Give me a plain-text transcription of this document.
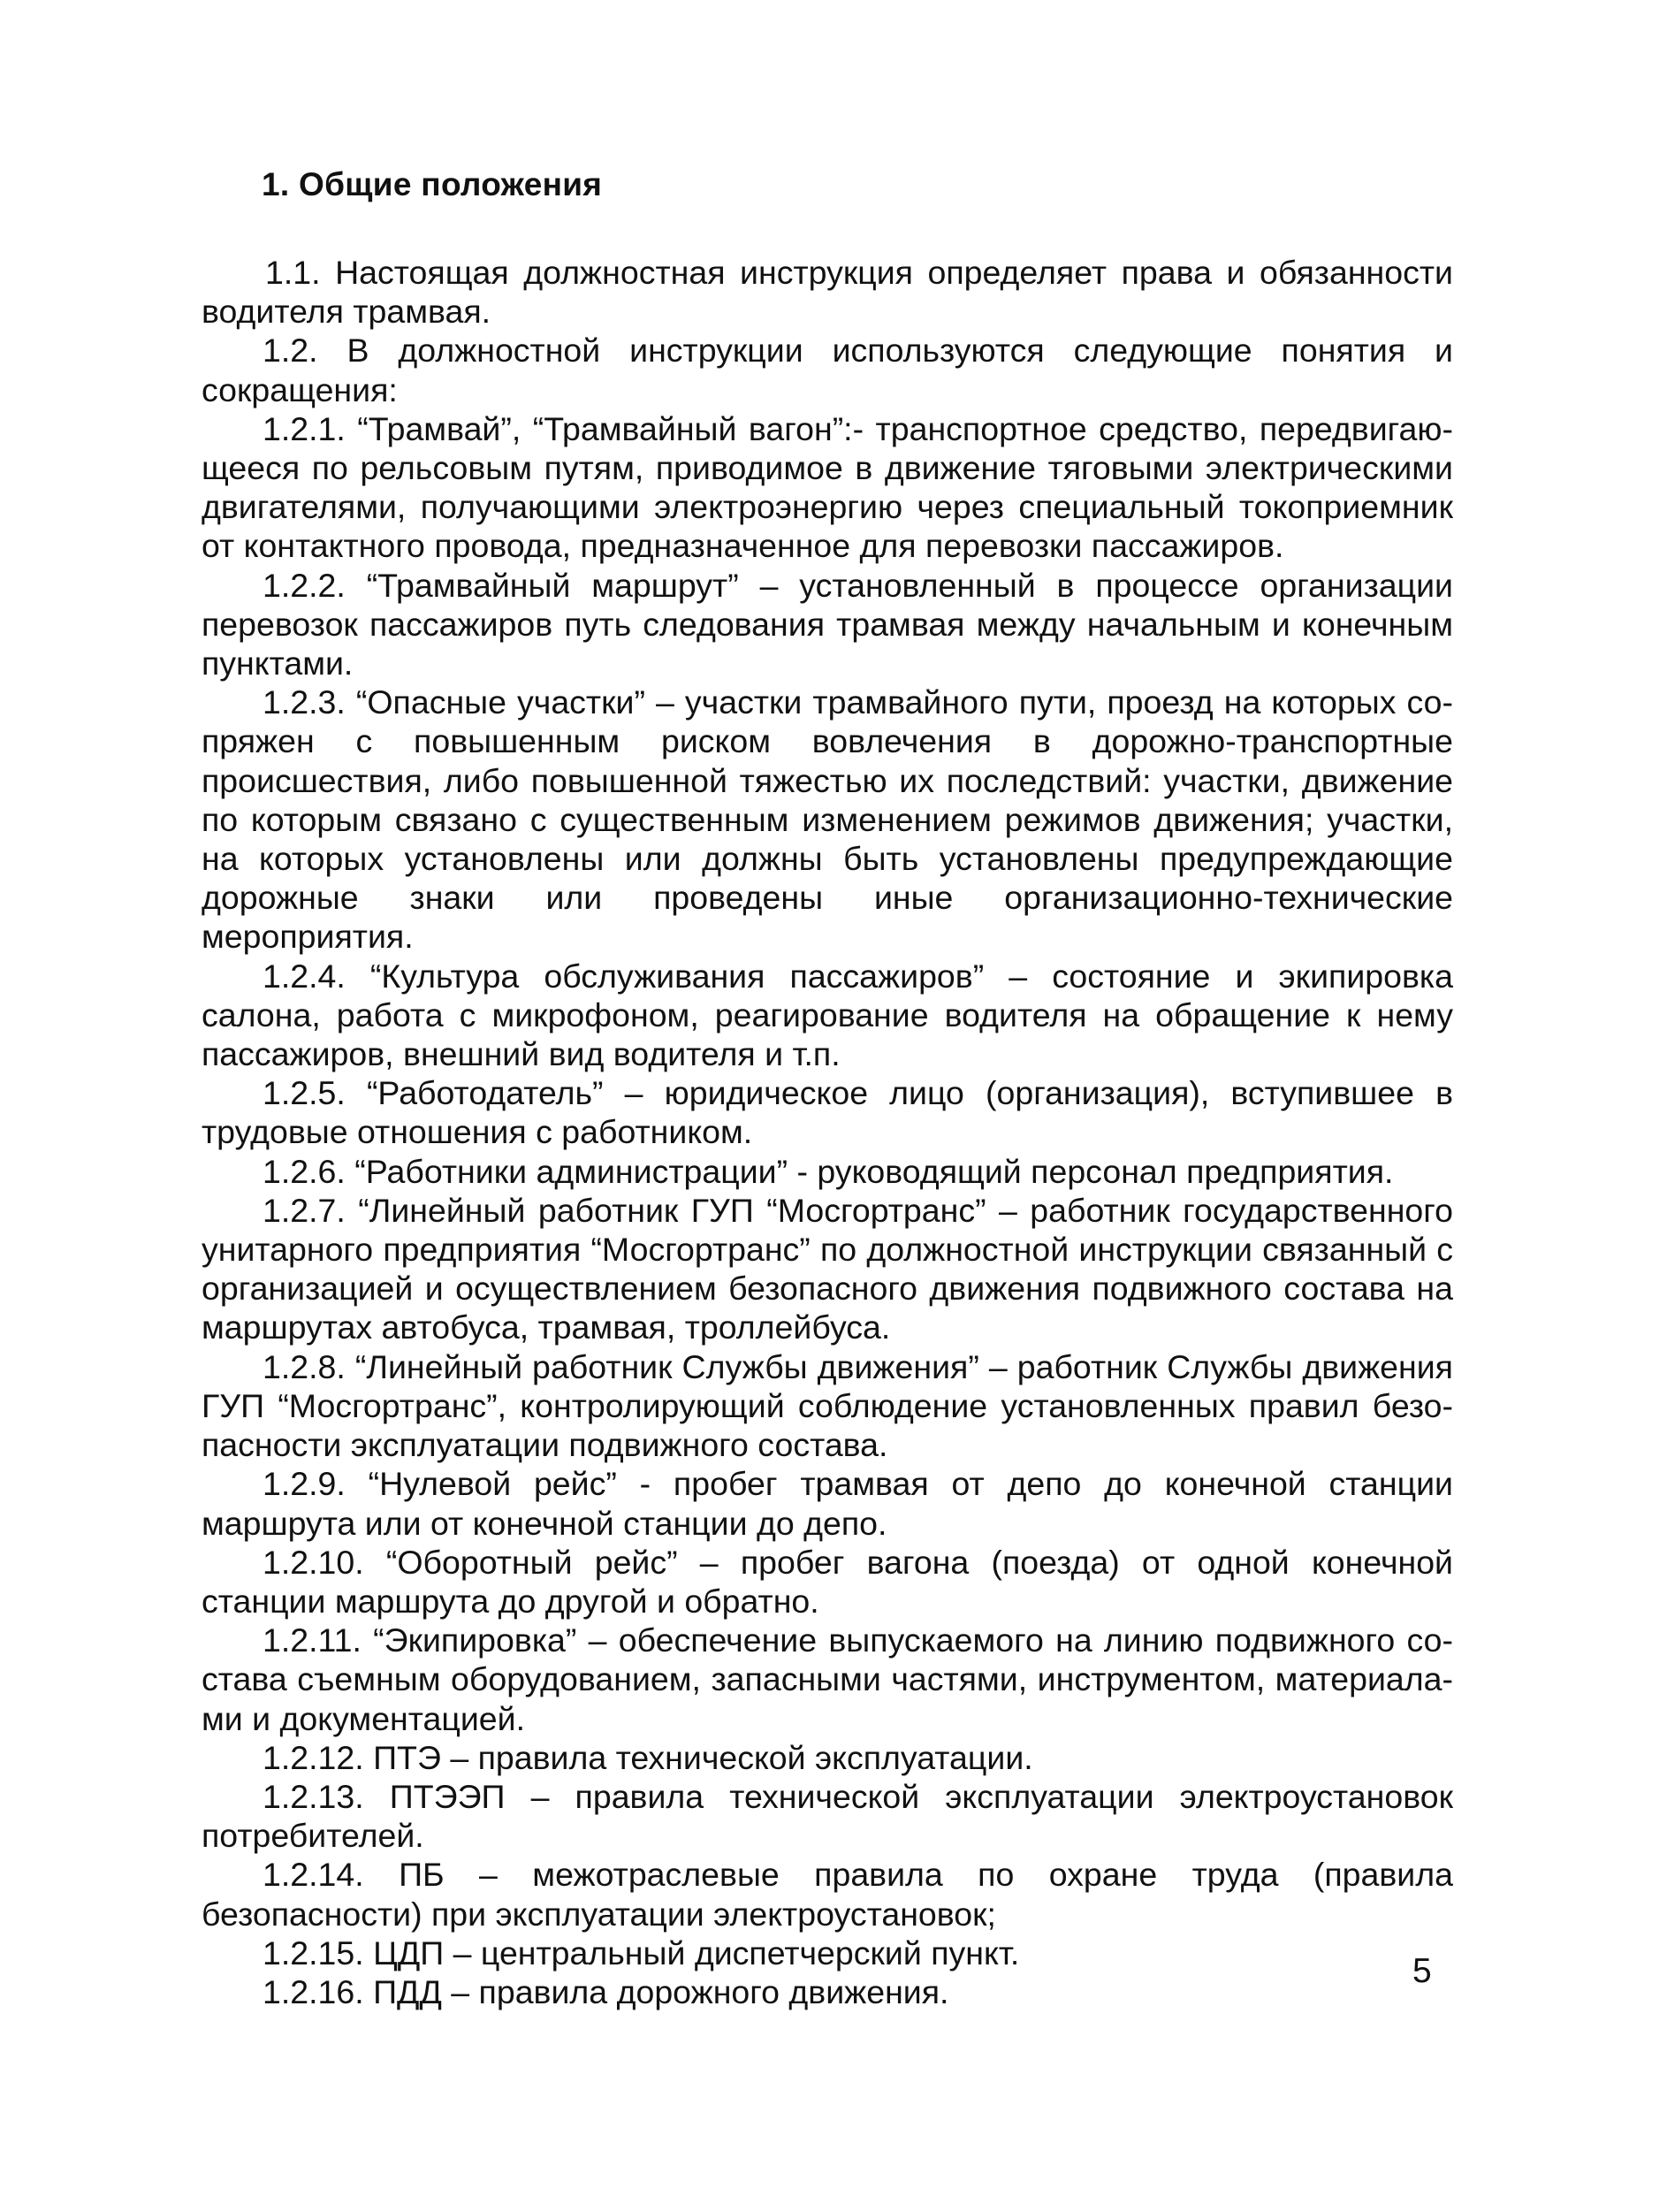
1. Общие положения

1.1. Настоящая должностная инструкция определяет права и обязанности водителя трамвая.

1.2. В должностной инструкции используются следующие понятия и сокращения:

1.2.1. “Трамвай”, “Трамвайный вагон”:- транспортное средство, передвигающееся по рельсовым путям, приводимое в движение тяговыми электрическими двигателями, получающими электроэнергию через специальный токоприемник от контактного провода, предназначенное для перевозки пассажиров.

1.2.2. “Трамвайный маршрут” – установленный в процессе организации перевозок пассажиров путь следования трамвая между начальным и конечным пунктами.

1.2.3. “Опасные участки” – участки трамвайного пути, проезд на которых сопряжен с повышенным риском вовлечения в дорожно-транспортные происшествия, либо повышенной тяжестью их последствий: участки, движение по которым связано с существенным изменением режимов движения; участки, на которых установлены или должны быть установлены предупреждающие дорожные знаки или проведены иные организационно-технические мероприятия.

1.2.4. “Культура обслуживания пассажиров” – состояние и экипировка салона, работа с микрофоном, реагирование водителя на обращение к нему пассажиров, внешний вид водителя и т.п.

1.2.5. “Работодатель” – юридическое лицо (организация), вступившее в трудовые отношения с работником.

1.2.6. “Работники администрации” - руководящий персонал предприятия.

1.2.7. “Линейный работник ГУП “Мосгортранс” – работник государственного унитарного предприятия “Мосгортранс” по должностной инструкции связанный с организацией и осуществлением безопасного движения подвижного состава на маршрутах автобуса, трамвая, троллейбуса.

1.2.8. “Линейный работник Службы движения” – работник Службы движения ГУП “Мосгортранс”, контролирующий соблюдение установленных правил безопасности эксплуатации подвижного состава.

1.2.9. “Нулевой рейс” - пробег трамвая от депо до конечной станции маршрута или от конечной станции до депо.

1.2.10. “Оборотный рейс” – пробег вагона (поезда) от одной конечной станции маршрута до другой и обратно.

1.2.11. “Экипировка” – обеспечение выпускаемого на линию подвижного состава съемным оборудованием, запасными частями, инструментом, материалами и документацией.

1.2.12. ПТЭ – правила технической эксплуатации.

1.2.13. ПТЭЭП – правила технической эксплуатации электроустановок потребителей.

1.2.14. ПБ – межотраслевые правила по охране труда (правила безопасности) при эксплуатации электроустановок;

1.2.15. ЦДП – центральный диспетчерский пункт.

1.2.16. ПДД – правила дорожного движения.

5
